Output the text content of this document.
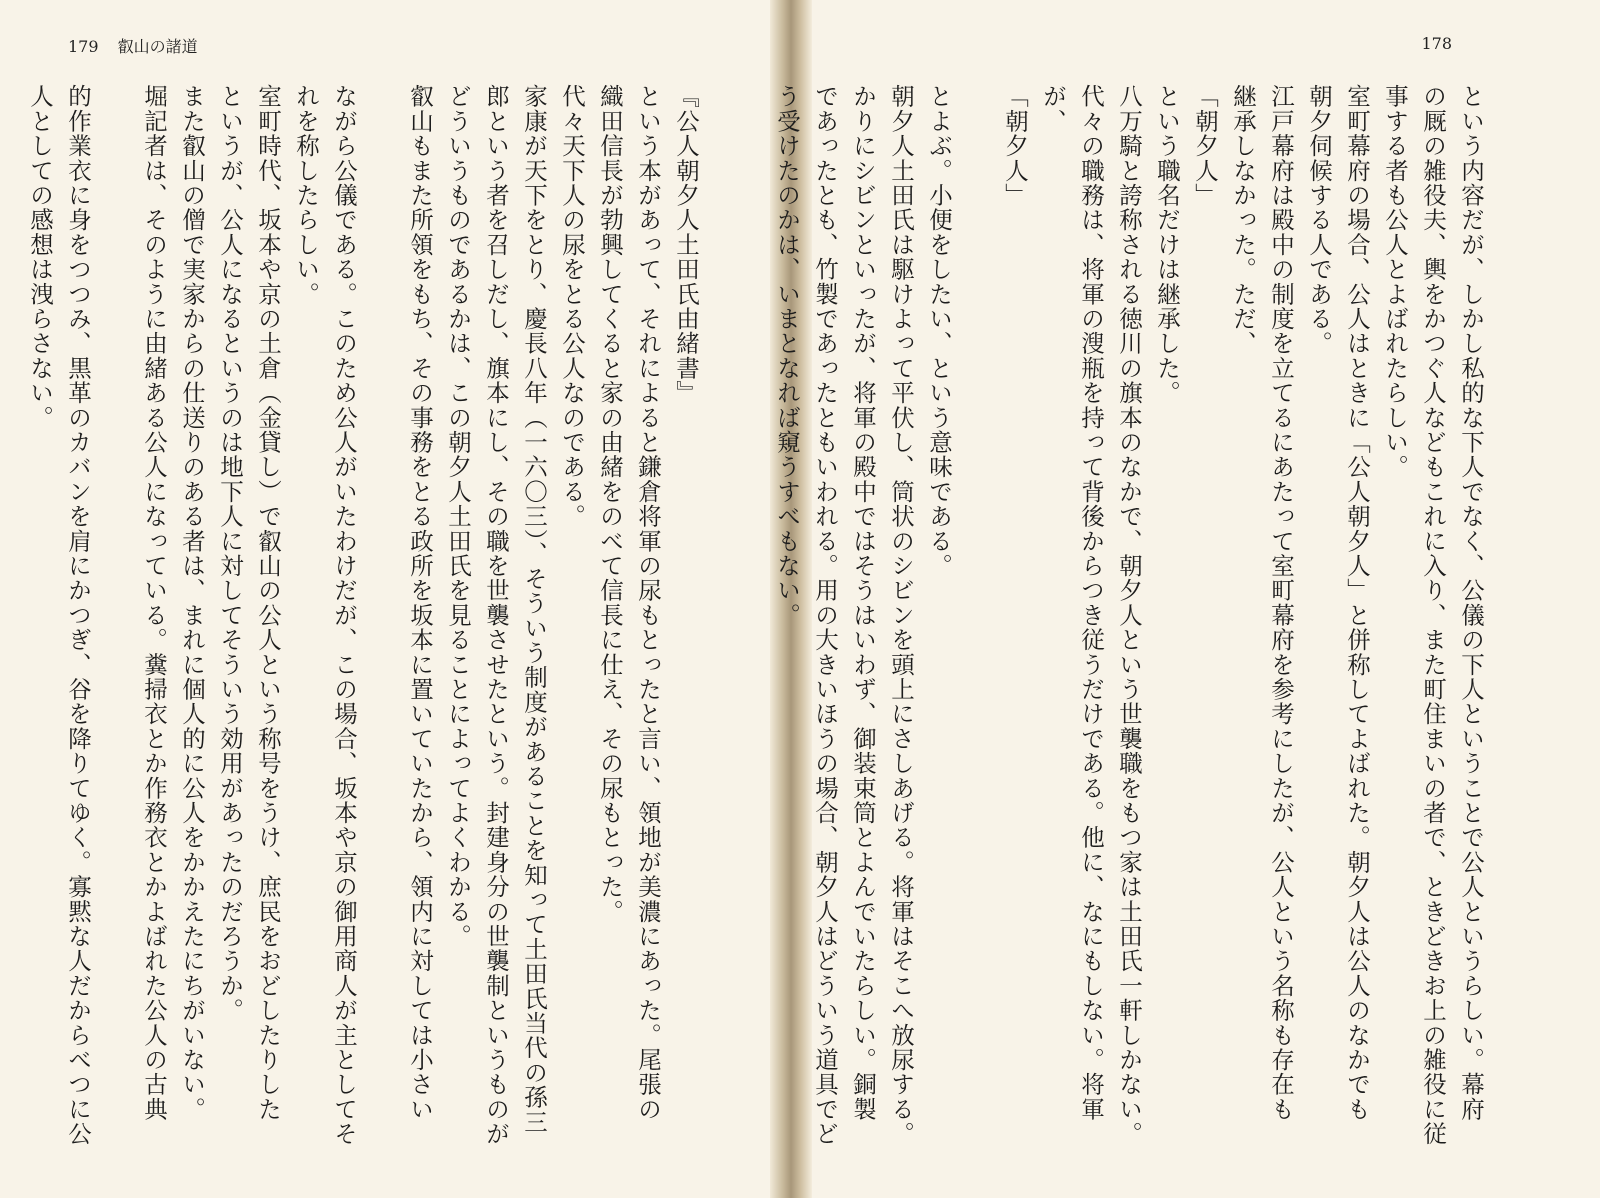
178
という内容だが、しかし私的な下人でなく、公儀の下人ということで公人というらしい。幕府
の厩の雑役夫、輿をかつぐ人などもこれに入り、また町住まいの者で、ときどきお上の雑役に従
事する者も公人とよばれたらしい。
室町幕府の場合、公人はときに「公人朝夕人」と併称してよばれた。朝夕人は公人のなかでも
朝夕伺候する人である。
江戸幕府は殿中の制度を立てるにあたって室町幕府を参考にしたが、公人という名称も存在も
継承しなかった。ただ、
「朝夕人」
という職名だけは継承した。
八万騎と誇称される徳川の旗本のなかで、朝夕人という世襲職をもつ家は土田氏一軒しかない。
代々の職務は、将軍の溲瓶を持って背後からつき従うだけである。他に、なにもしない。将軍
が、
「朝夕人」
とよぶ。小便をしたい、という意味である。
朝夕人土田氏は駆けよって平伏し、筒状のシビンを頭上にさしあげる。将軍はそこへ放尿する。
かりにシビンといったが、将軍の殿中ではそうはいわず、御装束筒とよんでいたらしい。銅製
であったとも、竹製であったともいわれる。用の大きいほうの場合、朝夕人はどういう道具でど
う受けたのかは、いまとなれば窺うすべもない。
179 叡山の諸道
『公人朝夕人土田氏由緒書』
という本があって、それによると鎌倉将軍の尿もとったと言い、領地が美濃にあった。尾張の
織田信長が勃興してくると家の由緒をのべて信長に仕え、その尿もとった。
代々天下人の尿をとる公人なのである。
家康が天下をとり、慶長八年（一六〇三）、そういう制度があることを知って土田氏当代の孫三
郎という者を召しだし、旗本にし、その職を世襲させたという。封建身分の世襲制というものが
どういうものであるかは、この朝夕人土田氏を見ることによってよくわかる。
叡山もまた所領をもち、その事務をとる政所を坂本に置いていたから、領内に対しては小さい
ながら公儀である。このため公人がいたわけだが、この場合、坂本や京の御用商人が主としてそ
れを称したらしい。
室町時代、坂本や京の土倉（金貸し）で叡山の公人という称号をうけ、庶民をおどしたりした
というが、公人になるというのは地下人に対してそういう効用があったのだろうか。
また叡山の僧で実家からの仕送りのある者は、まれに個人的に公人をかかえたにちがいない。
堀記者は、そのように由緒ある公人になっている。糞掃衣とか作務衣とかよばれた公人の古典
的作業衣に身をつつみ、黒革のカバンを肩にかつぎ、谷を降りてゆく。寡黙な人だからべつに公
人としての感想は洩らさない。
